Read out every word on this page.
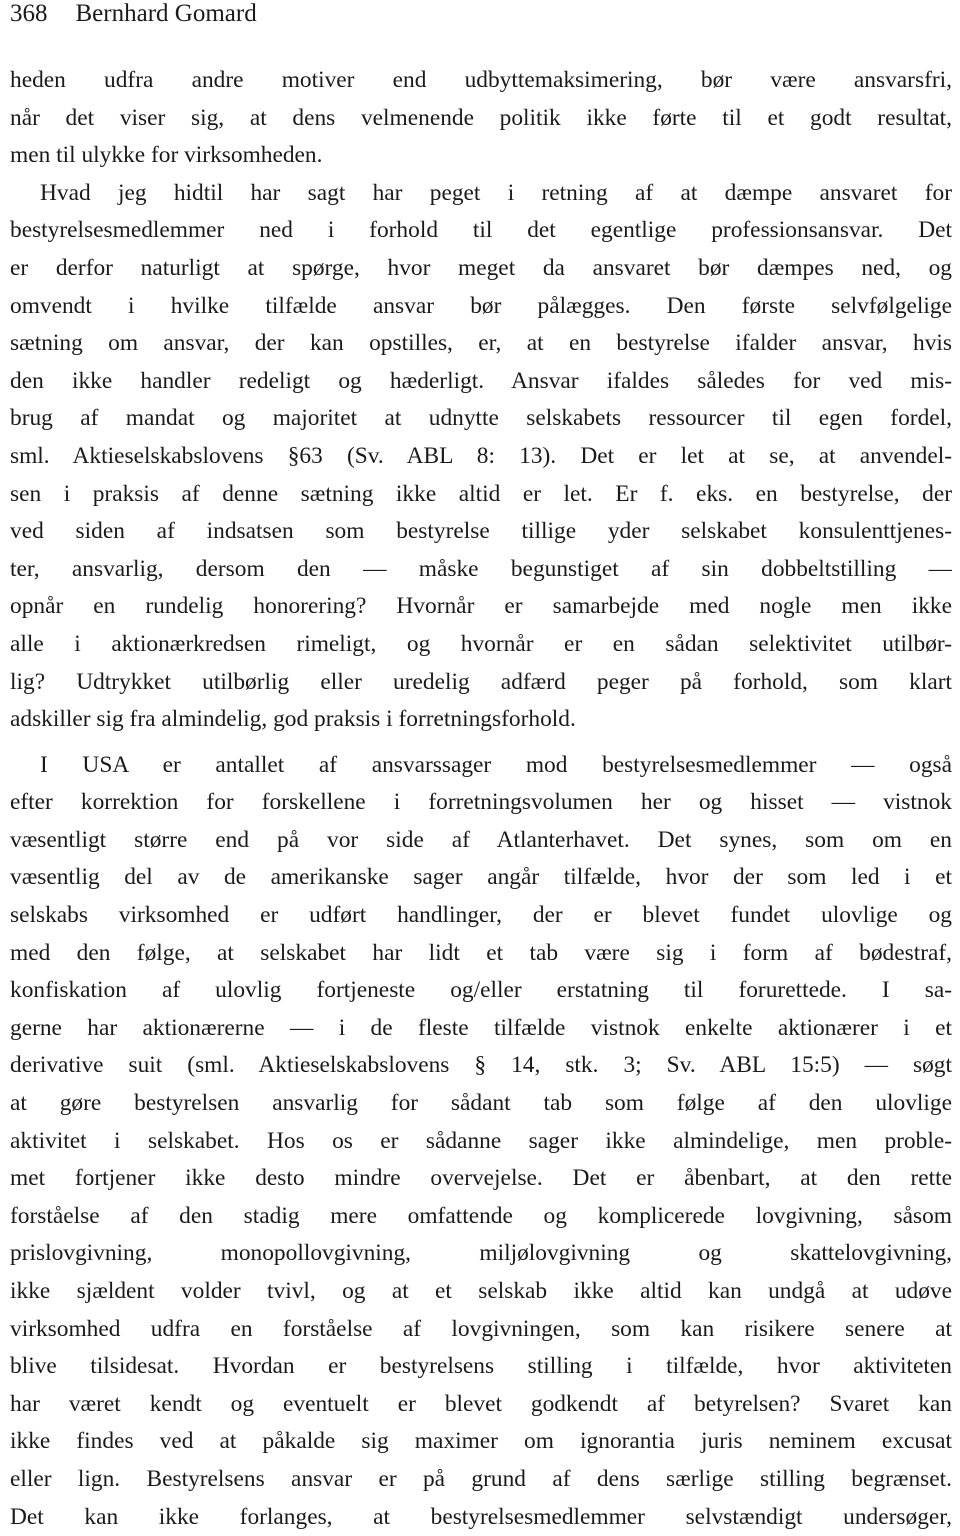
368 Bernhard Gomard
heden udfra andre motiver end udbyttemaksimering, bør være ansvarsfri,
når det viser sig, at dens velmenende politik ikke førte til et godt resultat,
men til ulykke for virksomheden.
Hvad jeg hidtil har sagt har peget i retning af at dæmpe ansvaret for
bestyrelsesmedlemmer ned i forhold til det egentlige professionsansvar. Det
er derfor naturligt at spørge, hvor meget da ansvaret bør dæmpes ned, og
omvendt i hvilke tilfælde ansvar bør pålægges. Den første selvfølgelige
sætning om ansvar, der kan opstilles, er, at en bestyrelse ifalder ansvar, hvis
den ikke handler redeligt og hæderligt. Ansvar ifaldes således for ved mis-
brug af mandat og majoritet at udnytte selskabets ressourcer til egen fordel,
sml. Aktieselskabslovens §63 (Sv. ABL 8: 13). Det er let at se, at anvendel-
sen i praksis af denne sætning ikke altid er let. Er f. eks. en bestyrelse, der
ved siden af indsatsen som bestyrelse tillige yder selskabet konsulenttjenes-
ter, ansvarlig, dersom den — måske begunstiget af sin dobbeltstilling —
opnår en rundelig honorering? Hvornår er samarbejde med nogle men ikke
alle i aktionærkredsen rimeligt, og hvornår er en sådan selektivitet utilbør-
lig? Udtrykket utilbørlig eller uredelig adfærd peger på forhold, som klart
adskiller sig fra almindelig, god praksis i forretningsforhold.
I USA er antallet af ansvarssager mod bestyrelsesmedlemmer — også
efter korrektion for forskellene i forretningsvolumen her og hisset — vistnok
væsentligt større end på vor side af Atlanterhavet. Det synes, som om en
væsentlig del av de amerikanske sager angår tilfælde, hvor der som led i et
selskabs virksomhed er udført handlinger, der er blevet fundet ulovlige og
med den følge, at selskabet har lidt et tab være sig i form af bødestraf,
konfiskation af ulovlig fortjeneste og/eller erstatning til forurettede. I sa-
gerne har aktionærerne — i de fleste tilfælde vistnok enkelte aktionærer i et
derivative suit (sml. Aktieselskabslovens § 14, stk. 3; Sv. ABL 15:5) — søgt
at gøre bestyrelsen ansvarlig for sådant tab som følge af den ulovlige
aktivitet i selskabet. Hos os er sådanne sager ikke almindelige, men proble-
met fortjener ikke desto mindre overvejelse. Det er åbenbart, at den rette
forståelse af den stadig mere omfattende og komplicerede lovgivning, såsom
prislovgivning, monopollovgivning, miljølovgivning og skattelovgivning,
ikke sjældent volder tvivl, og at et selskab ikke altid kan undgå at udøve
virksomhed udfra en forståelse af lovgivningen, som kan risikere senere at
blive tilsidesat. Hvordan er bestyrelsens stilling i tilfælde, hvor aktiviteten
har været kendt og eventuelt er blevet godkendt af betyrelsen? Svaret kan
ikke findes ved at påkalde sig maximer om ignorantia juris neminem excusat
eller lign. Bestyrelsens ansvar er på grund af dens særlige stilling begrænset.
Det kan ikke forlanges, at bestyrelsesmedlemmer selvstændigt undersøger,
